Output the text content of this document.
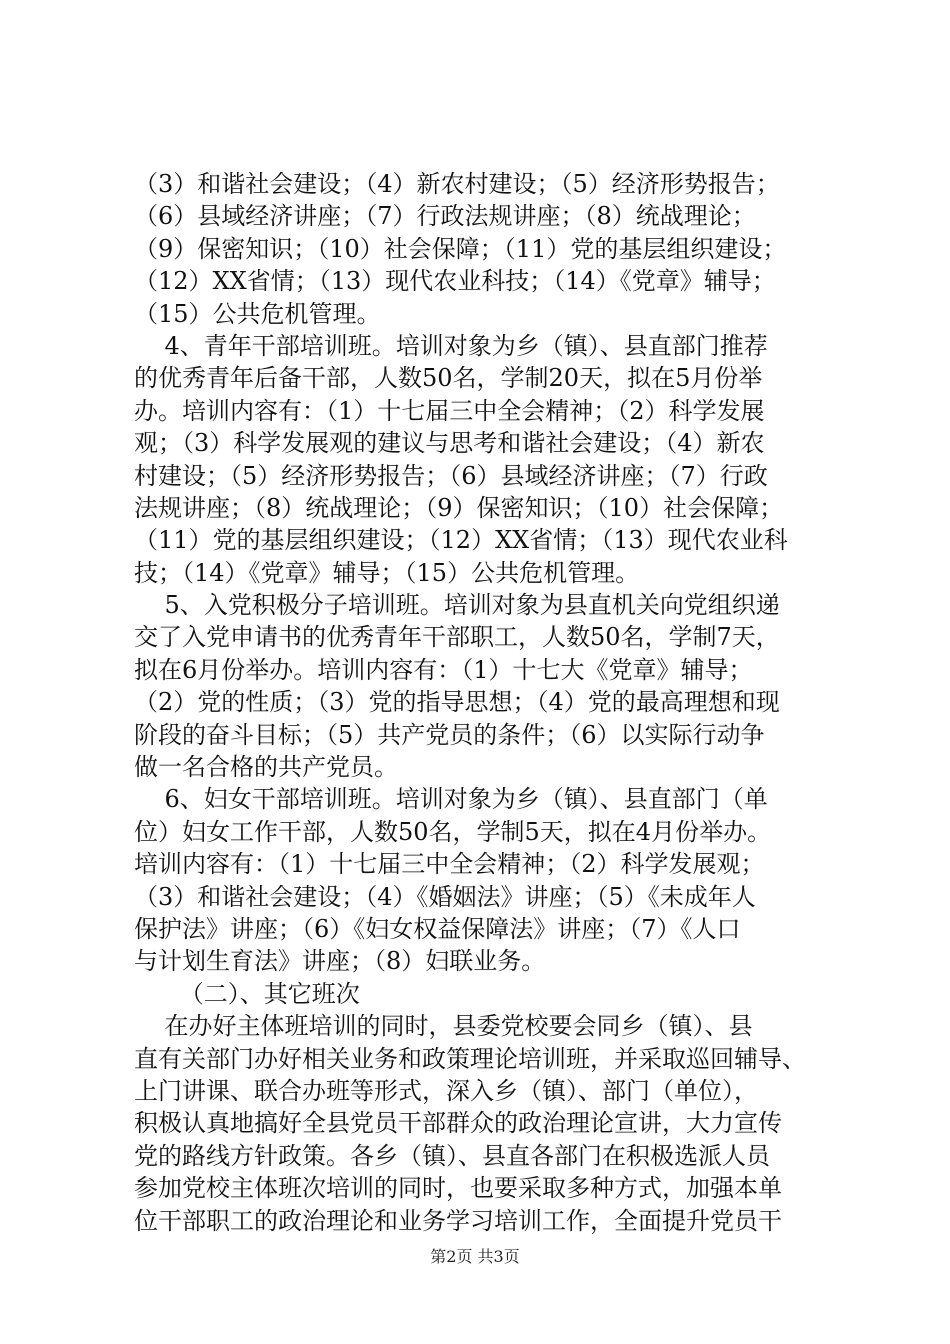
（3）和谐社会建设；（4）新农村建设；（5）经济形势报告；
（6）县域经济讲座；（7）行政法规讲座；（8）统战理论；
（9）保密知识；（10）社会保障；（11）党的基层组织建设；
（12）XX省情；（13）现代农业科技；（14）《党章》辅导；
（15）公共危机管理。
4、青年干部培训班。培训对象为乡（镇）、县直部门推荐
的优秀青年后备干部，人数50名，学制20天，拟在5月份举
办。培训内容有：（1）十七届三中全会精神；（2）科学发展
观；（3）科学发展观的建议与思考和谐社会建设；（4）新农
村建设；（5）经济形势报告；（6）县域经济讲座；（7）行政
法规讲座；（8）统战理论；（9）保密知识；（10）社会保障；
（11）党的基层组织建设；（12）XX省情；（13）现代农业科
技；（14）《党章》辅导；（15）公共危机管理。
5、入党积极分子培训班。培训对象为县直机关向党组织递
交了入党申请书的优秀青年干部职工，人数50名，学制7天，
拟在6月份举办。培训内容有：（1）十七大《党章》辅导；
（2）党的性质；（3）党的指导思想；（4）党的最高理想和现
阶段的奋斗目标；（5）共产党员的条件；（6）以实际行动争
做一名合格的共产党员。
6、妇女干部培训班。培训对象为乡（镇）、县直部门（单
位）妇女工作干部，人数50名，学制5天，拟在4月份举办。
培训内容有：（1）十七届三中全会精神；（2）科学发展观；
（3）和谐社会建设；（4）《婚姻法》讲座；（5）《未成年人
保护法》讲座；（6）《妇女权益保障法》讲座；（7）《人口
与计划生育法》讲座；（8）妇联业务。
（二）、其它班次
在办好主体班培训的同时，县委党校要会同乡（镇）、县
直有关部门办好相关业务和政策理论培训班，并采取巡回辅导、
上门讲课、联合办班等形式，深入乡（镇）、部门（单位），
积极认真地搞好全县党员干部群众的政治理论宣讲，大力宣传
党的路线方针政策。各乡（镇）、县直各部门在积极选派人员
参加党校主体班次培训的同时，也要采取多种方式，加强本单
位干部职工的政治理论和业务学习培训工作，全面提升党员干
第2页 共3页
